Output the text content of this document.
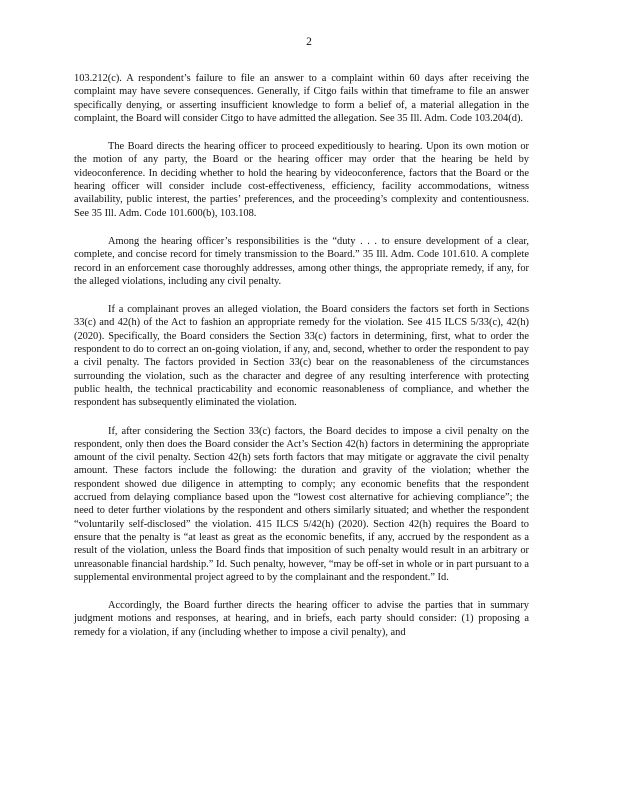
2

103.212(c). A respondent’s failure to file an answer to a complaint within 60 days after receiving the complaint may have severe consequences. Generally, if Citgo fails within that timeframe to file an answer specifically denying, or asserting insufficient knowledge to form a belief of, a material allegation in the complaint, the Board will consider Citgo to have admitted the allegation. See 35 Ill. Adm. Code 103.204(d).

The Board directs the hearing officer to proceed expeditiously to hearing. Upon its own motion or the motion of any party, the Board or the hearing officer may order that the hearing be held by videoconference. In deciding whether to hold the hearing by videoconference, factors that the Board or the hearing officer will consider include cost-effectiveness, efficiency, facility accommodations, witness availability, public interest, the parties’ preferences, and the proceeding’s complexity and contentiousness. See 35 Ill. Adm. Code 101.600(b), 103.108.

Among the hearing officer’s responsibilities is the “duty . . . to ensure development of a clear, complete, and concise record for timely transmission to the Board.” 35 Ill. Adm. Code 101.610. A complete record in an enforcement case thoroughly addresses, among other things, the appropriate remedy, if any, for the alleged violations, including any civil penalty.

If a complainant proves an alleged violation, the Board considers the factors set forth in Sections 33(c) and 42(h) of the Act to fashion an appropriate remedy for the violation. See 415 ILCS 5/33(c), 42(h) (2020). Specifically, the Board considers the Section 33(c) factors in determining, first, what to order the respondent to do to correct an on-going violation, if any, and, second, whether to order the respondent to pay a civil penalty. The factors provided in Section 33(c) bear on the reasonableness of the circumstances surrounding the violation, such as the character and degree of any resulting interference with protecting public health, the technical practicability and economic reasonableness of compliance, and whether the respondent has subsequently eliminated the violation.

If, after considering the Section 33(c) factors, the Board decides to impose a civil penalty on the respondent, only then does the Board consider the Act’s Section 42(h) factors in determining the appropriate amount of the civil penalty. Section 42(h) sets forth factors that may mitigate or aggravate the civil penalty amount. These factors include the following: the duration and gravity of the violation; whether the respondent showed due diligence in attempting to comply; any economic benefits that the respondent accrued from delaying compliance based upon the “lowest cost alternative for achieving compliance”; the need to deter further violations by the respondent and others similarly situated; and whether the respondent “voluntarily self-disclosed” the violation. 415 ILCS 5/42(h) (2020). Section 42(h) requires the Board to ensure that the penalty is “at least as great as the economic benefits, if any, accrued by the respondent as a result of the violation, unless the Board finds that imposition of such penalty would result in an arbitrary or unreasonable financial hardship.” Id. Such penalty, however, “may be off-set in whole or in part pursuant to a supplemental environmental project agreed to by the complainant and the respondent.” Id.

Accordingly, the Board further directs the hearing officer to advise the parties that in summary judgment motions and responses, at hearing, and in briefs, each party should consider: (1) proposing a remedy for a violation, if any (including whether to impose a civil penalty), and
